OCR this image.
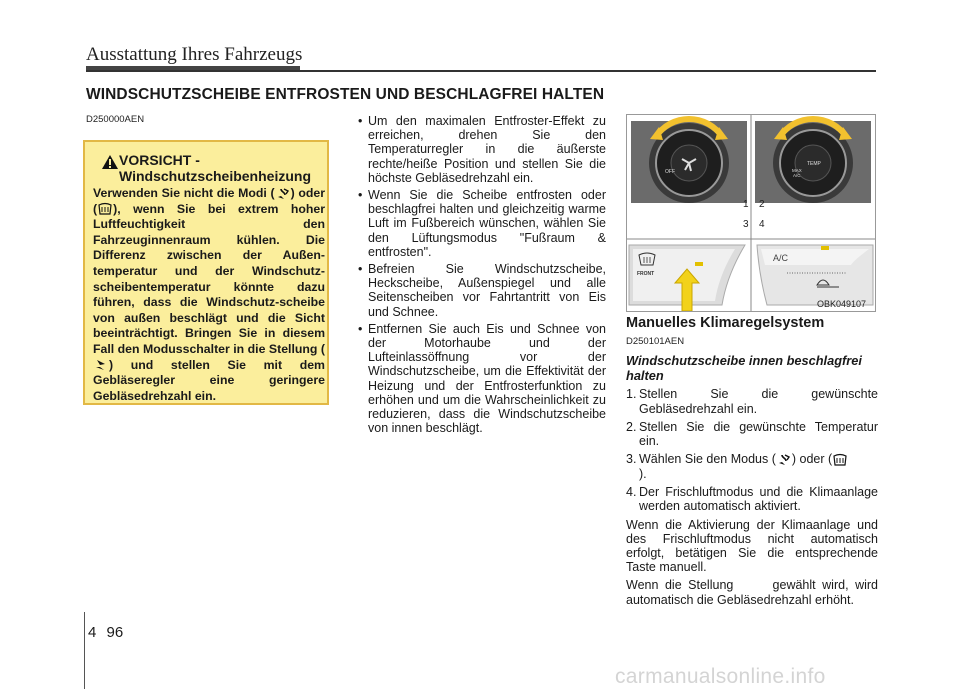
Ausstattung Ihres Fahrzeugs
WINDSCHUTZSCHEIBE ENTFROSTEN UND BESCHLAGFREI HALTEN
D250000AEN
VORSICHT -
Windschutzscheibenheizung
Verwenden Sie nicht die Modi ( ) oder ( ), wenn Sie bei extrem hoher Luftfeuchtigkeit den Fahrzeuginnenraum kühlen. Die Differenz zwischen der Außen-temperatur und der Windschutz-scheibentemperatur könnte dazu führen, dass die Windschutz-scheibe von außen beschlägt und die Sicht beeinträchtigt. Bringen Sie in diesem Fall den Modusschalter in die Stellung () und stellen Sie mit dem Gebläseregler eine geringere Gebläsedrehzahl ein.
• Um den maximalen Entfroster-Effekt zu erreichen, drehen Sie den Temperaturregler in die äußerste rechte/heiße Position und stellen Sie die höchste Gebläsedrehzahl ein.
• Wenn Sie die Scheibe entfrosten oder beschlagfrei halten und gleichzeitig warme Luft im Fußbereich wünschen, wählen Sie den Lüftungsmodus "Fußraum & entfrosten".
• Befreien Sie Windschutzscheibe, Heckscheibe, Außenspiegel und alle Seitenscheiben vor Fahrtantritt von Eis und Schnee.
• Entfernen Sie auch Eis und Schnee von der Motorhaube und der Lufteinlassöffnung vor der Windschutzscheibe, um die Effektivität der Heizung und der Entfrosterfunktion zu erhöhen und um die Wahrscheinlichkeit zu reduzieren, dass die Windschutzscheibe von innen beschlägt.
OFF
TEMP
MAX
A/C
1 2
3 4
FRONT
A/C
OBK049107
Manuelles Klimaregelsystem
D250101AEN
Windschutzscheibe innen beschlagfrei halten
1. Stellen Sie die gewünschte Gebläsedrehzahl ein.
2. Stellen Sie die gewünschte Temperatur ein.
3. Wählen Sie den Modus ( ) oder (
).
4. Der Frischluftmodus und die Klimaanlage werden automatisch aktiviert.

Wenn die Aktivierung der Klimaanlage und des Frischluftmodus nicht automatisch erfolgt, betätigen Sie die entsprechende Taste manuell.

Wenn die Stellung      gewählt wird, wird automatisch die Gebläsedrehzahl erhöht.

4 96
carmanualsonline.info
